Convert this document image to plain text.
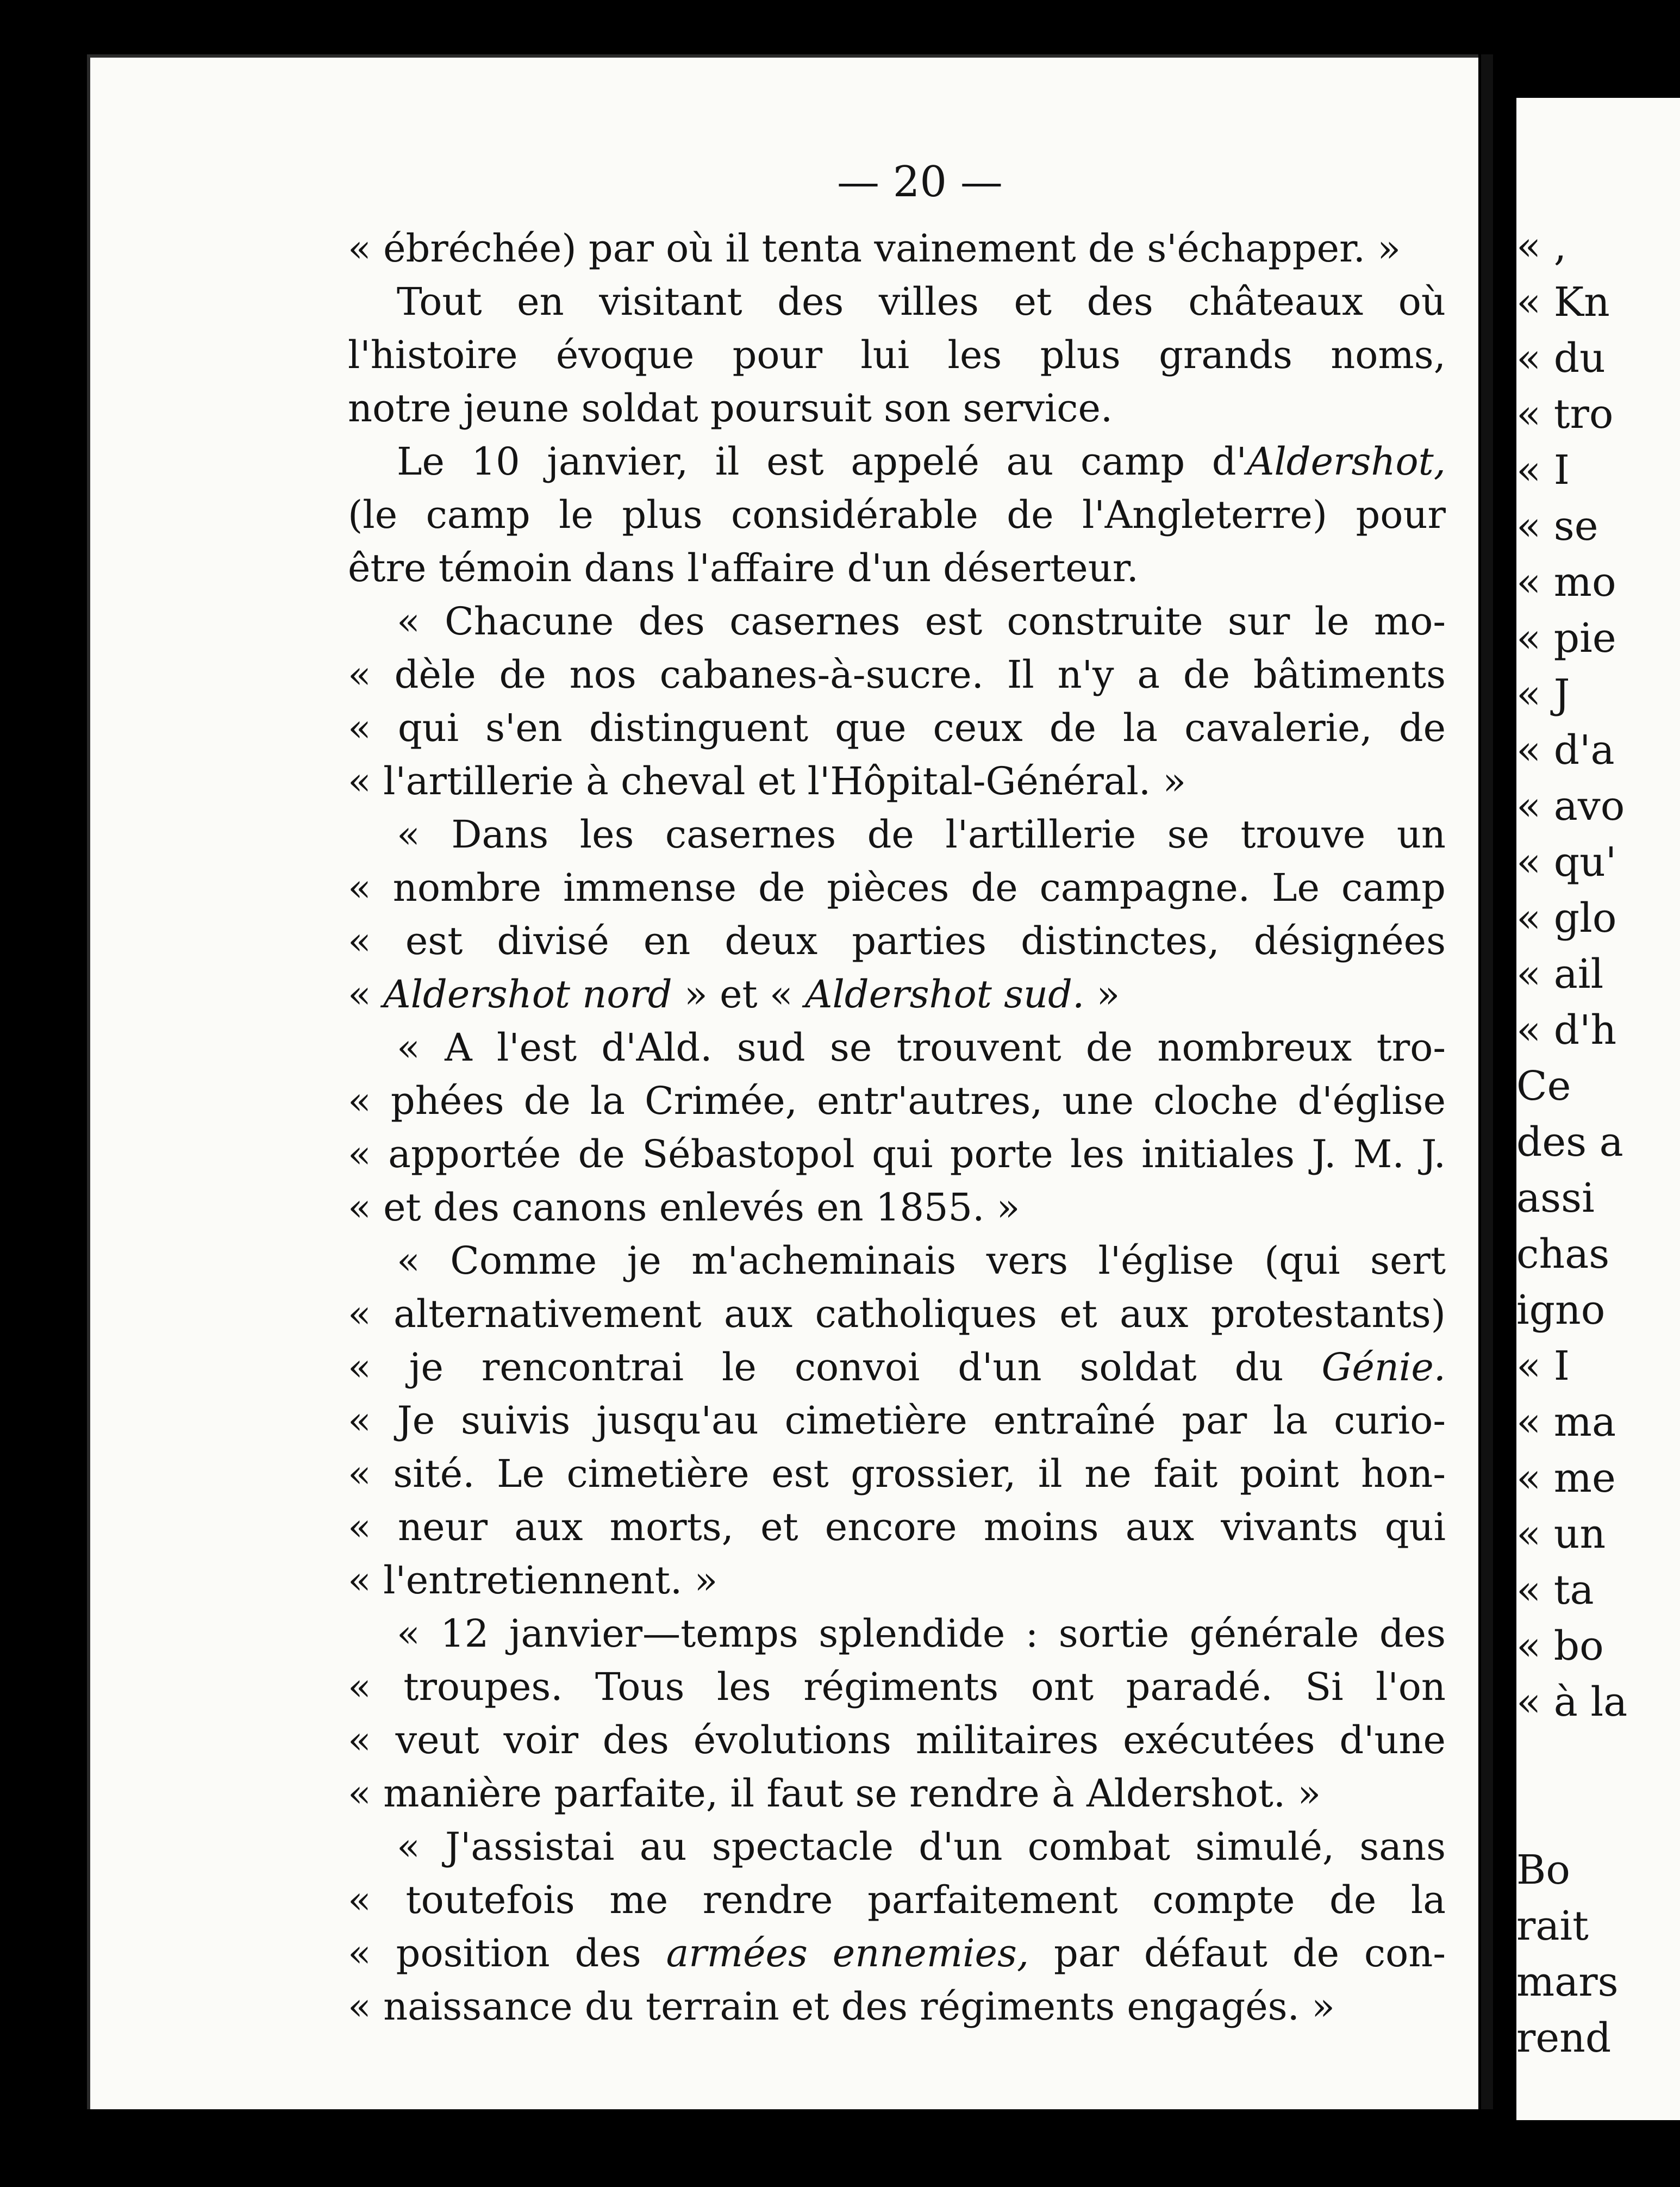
« ,
« Kn
« du
« tro
« I
« se
« mo
« pie
« J
« d'a
« avo
« qu'
« glo
« ail
« d'h
Ce
des a
assi
chas
igno
« I
« ma
« me
« un
« ta
« bo
« à la
Bo
rait
mars
rend
— 20 —
« ébréchée) par où il tenta vainement de s'échapper. »
Tout en visitant des villes et des châteaux où
l'histoire évoque pour lui les plus grands noms,
notre jeune soldat poursuit son service.
Le 10 janvier, il est appelé au camp d'Aldershot,
(le camp le plus considérable de l'Angleterre) pour
être témoin dans l'affaire d'un déserteur.
« Chacune des casernes est construite sur le mo-
« dèle de nos cabanes-à-sucre. Il n'y a de bâtiments
« qui s'en distinguent que ceux de la cavalerie, de
« l'artillerie à cheval et l'Hôpital-Général. »
« Dans les casernes de l'artillerie se trouve un
« nombre immense de pièces de campagne. Le camp
« est divisé en deux parties distinctes, désignées
« Aldershot nord » et « Aldershot sud. »
« A l'est d'Ald. sud se trouvent de nombreux tro-
« phées de la Crimée, entr'autres, une cloche d'église
« apportée de Sébastopol qui porte les initiales J. M. J.
« et des canons enlevés en 1855. »
« Comme je m'acheminais vers l'église (qui sert
« alternativement aux catholiques et aux protestants)
« je rencontrai le convoi d'un soldat du Génie.
« Je suivis jusqu'au cimetière entraîné par la curio-
« sité. Le cimetière est grossier, il ne fait point hon-
« neur aux morts, et encore moins aux vivants qui
« l'entretiennent. »
« 12 janvier—temps splendide : sortie générale des
« troupes. Tous les régiments ont paradé. Si l'on
« veut voir des évolutions militaires exécutées d'une
« manière parfaite, il faut se rendre à Aldershot. »
« J'assistai au spectacle d'un combat simulé, sans
« toutefois me rendre parfaitement compte de la
« position des armées ennemies, par défaut de con-
« naissance du terrain et des régiments engagés. »
